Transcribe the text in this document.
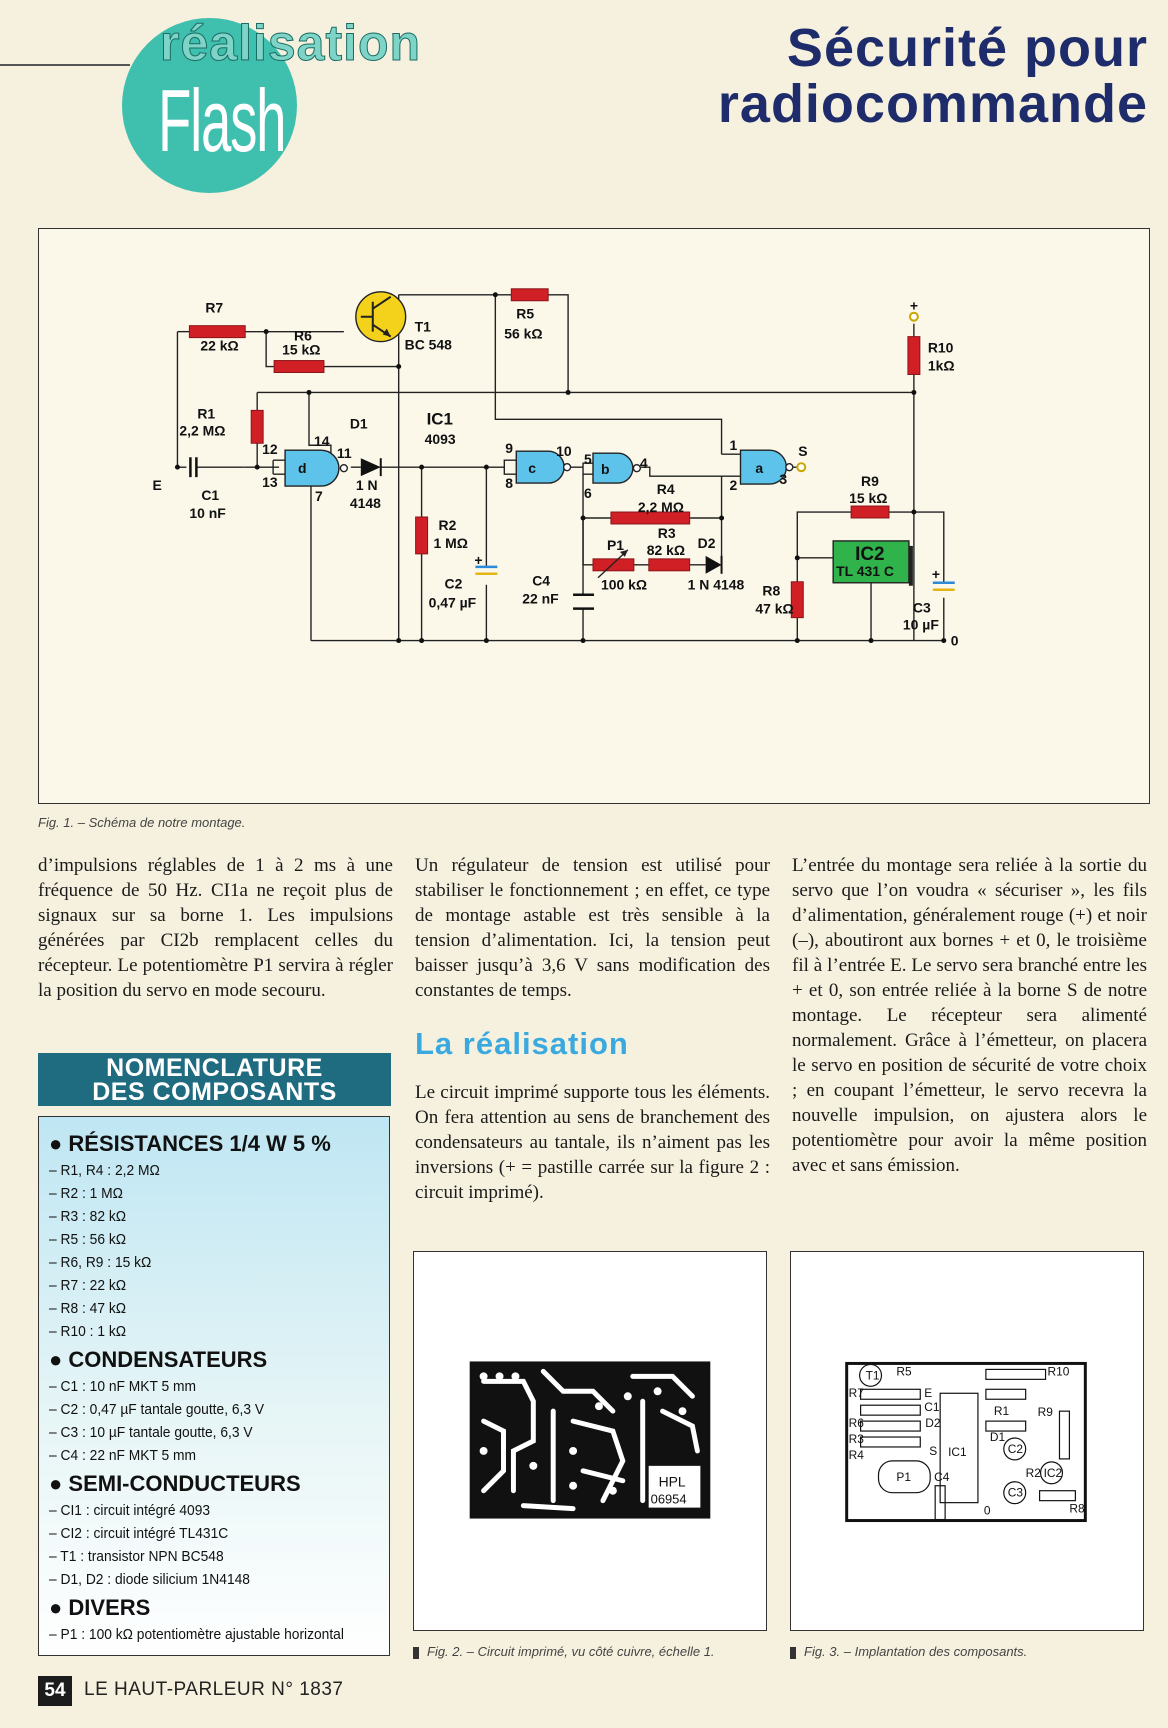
réalisation
Flash
Sécurité pour
radiocommande
R7
22 kΩ
R6
15 kΩ
T1
BC 548
R5
56 kΩ
+
R10
1kΩ
R1
2,2 MΩ	D1
1 N
4148
IC1
4093
E
C1
10 nF
d	c	b	a
12
13
14
11
7
9
8
10 5
6
4
1
2	3
S
R9
15 kΩ
R4
2,2 MΩ
R2
1 MΩ
+
C2
0,47 µF
C4
22 nF
P1
100 kΩ
R3
82 kΩ D2
1 N 4148
IC2
TL 431 C
R8
47 kΩ
+
C3
10 µF
0
Fig. 1. – Schéma de notre montage.
d’impulsions réglables de 1 à 2 ms à une fréquence de 50 Hz. CI1a ne reçoit plus de signaux sur sa borne 1. Les impulsions générées par CI2b remplacent celles du récepteur. Le potentiomètre P1 servira à régler la position du servo en mode secouru.
Un régulateur de tension est utilisé pour stabiliser le fonctionnement ; en effet, ce type de montage astable est très sensible à la tension d’alimentation. Ici, la tension peut baisser jusqu’à 3,6 V sans modification des constantes de temps.
La réalisation
Le circuit imprimé supporte tous les éléments. On fera attention au sens de branchement des condensateurs au tantale, ils n’aiment pas les inversions (+ = pastille carrée sur la figure 2 : circuit imprimé).
L’entrée du montage sera reliée à la sortie du servo que l’on voudra « sécuriser », les fils d’alimentation, généralement rouge (+) et noir (–), aboutiront aux bornes + et 0, le troisième fil à l’entrée E. Le servo sera branché entre les + et 0, son entrée reliée à la borne S de notre montage. Le récepteur sera alimenté normalement. Grâce à l’émetteur, on placera le servo en position de sécurité de votre choix ; en coupant l’émetteur, le servo recevra la nouvelle impulsion, on ajustera alors le potentiomètre pour avoir la même position avec et sans émission.
NOMENCLATURE
DES COMPOSANTS
● RÉSISTANCES 1/4 W 5 %
– R1, R4 : 2,2 MΩ
– R2 : 1 MΩ
– R3 : 82 kΩ
– R5 : 56 kΩ
– R6, R9 : 15 kΩ
– R7 : 22 kΩ
– R8 : 47 kΩ
– R10 : 1 kΩ
● CONDENSATEURS
– C1 : 10 nF MKT 5 mm
– C2 : 0,47 µF tantale goutte, 6,3 V
– C3 : 10 µF tantale goutte, 6,3 V
– C4 : 22 nF MKT 5 mm
● SEMI-CONDUCTEURS
– CI1 : circuit intégré 4093
– CI2 : circuit intégré TL431C
– T1 : transistor NPN BC548
– D1, D2 : diode silicium 1N4148
● DIVERS
– P1 : 100 kΩ potentiomètre ajustable horizontal
HPL
06954
Fig. 2. – Circuit imprimé, vu côté cuivre, échelle 1.
T1 R5	R10
R7	E
C1	R1 R9
D2
D1
R6
R3
S IC1
R4	C2
R2 IC2
P1 C4
C3
R8
0
Fig. 3. – Implantation des composants.
54 LE HAUT-PARLEUR N° 1837
